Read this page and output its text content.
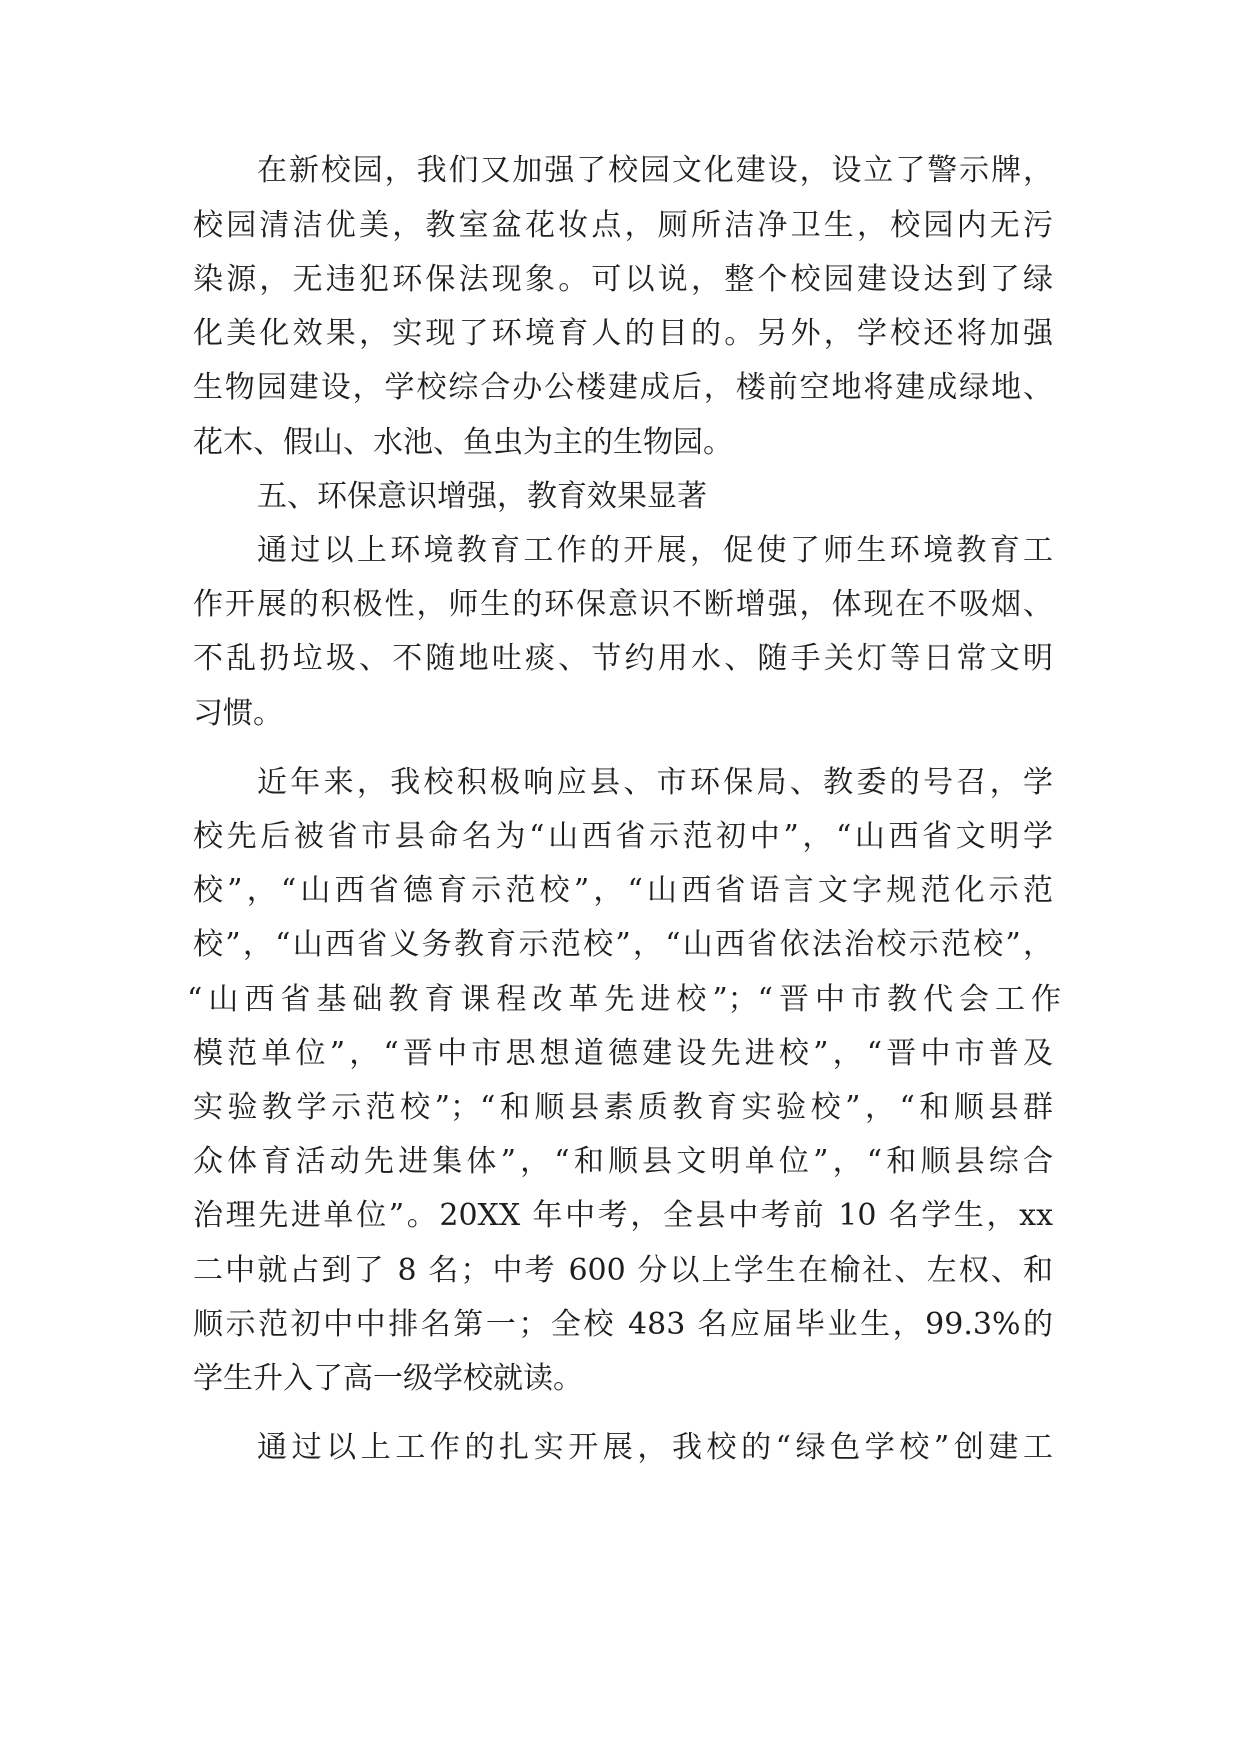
在新校园，我们又加强了校园文化建设，设立了警示牌，
校园清洁优美，教室盆花妆点，厕所洁净卫生，校园内无污
染源，无违犯环保法现象。可以说，整个校园建设达到了绿
化美化效果，实现了环境育人的目的。另外，学校还将加强
生物园建设，学校综合办公楼建成后，楼前空地将建成绿地、
花木、假山、水池、鱼虫为主的生物园。
五、环保意识增强，教育效果显著
通过以上环境教育工作的开展，促使了师生环境教育工
作开展的积极性，师生的环保意识不断增强，体现在不吸烟、
不乱扔垃圾、不随地吐痰、节约用水、随手关灯等日常文明
习惯。
近年来，我校积极响应县、市环保局、教委的号召，学
校先后被省市县命名为“山西省示范初中”，“山西省文明学
校”，“山西省德育示范校”，“山西省语言文字规范化示范
校”，“山西省义务教育示范校”，“山西省依法治校示范校”，
“山西省基础教育课程改革先进校”；“晋中市教代会工作
模范单位”，“晋中市思想道德建设先进校”，“晋中市普及
实验教学示范校”；“和顺县素质教育实验校”，“和顺县群
众体育活动先进集体”，“和顺县文明单位”，“和顺县综合
治理先进单位”。20XX 年中考，全县中考前 10 名学生，xx
二中就占到了 8 名；中考 600 分以上学生在榆社、左权、和
顺示范初中中排名第一；全校 483 名应届毕业生，99.3%的
学生升入了高一级学校就读。
通过以上工作的扎实开展，我校的“绿色学校”创建工
